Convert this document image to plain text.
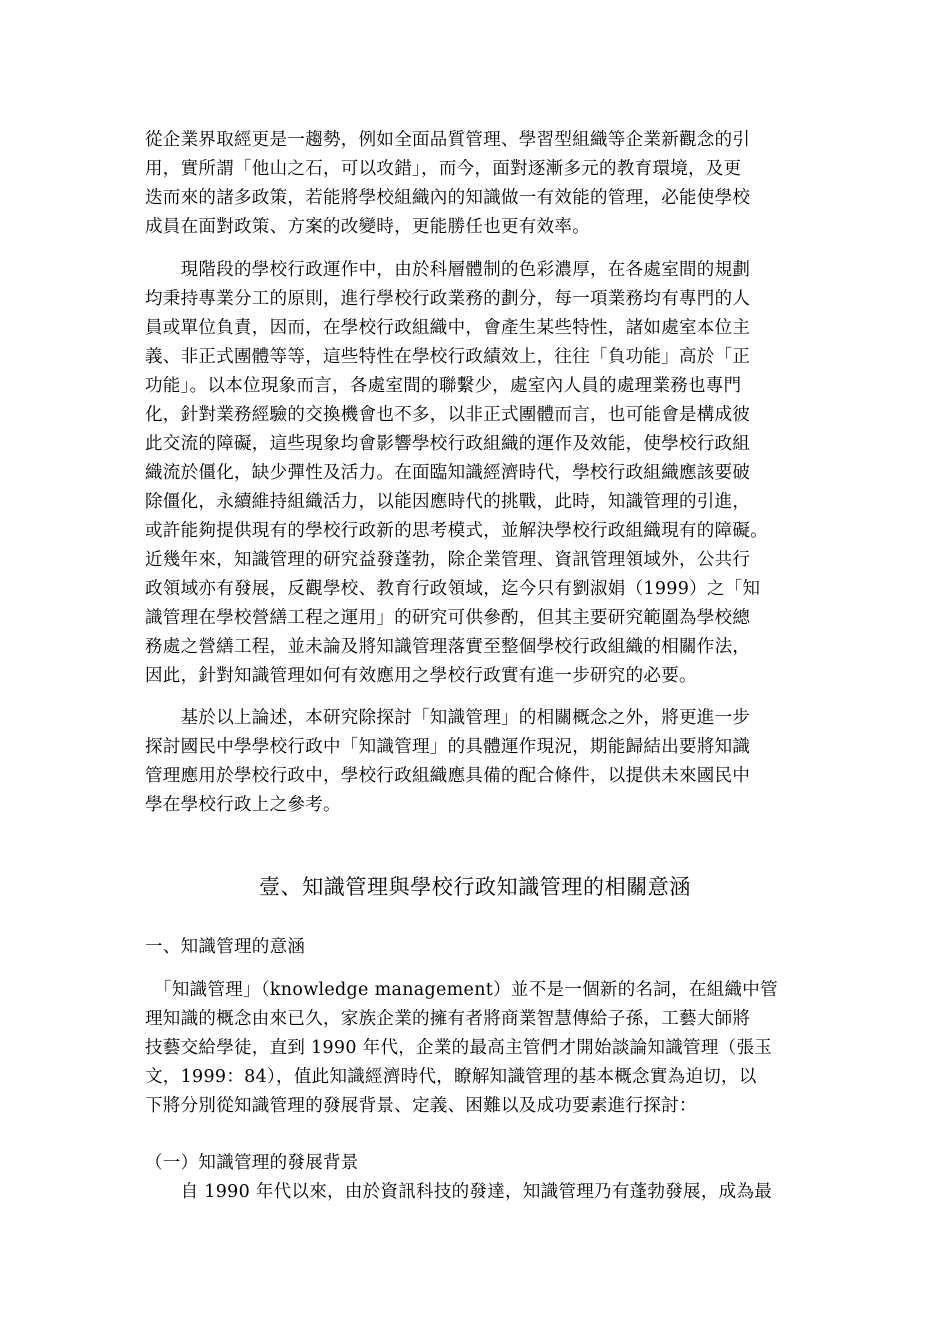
從企業界取經更是一趨勢，例如全面品質管理、學習型組織等企業新觀念的引
用，實所謂「他山之石，可以攻錯」，而今，面對逐漸多元的教育環境，及更
迭而來的諸多政策，若能將學校組織內的知識做一有效能的管理，必能使學校
成員在面對政策、方案的改變時，更能勝任也更有效率。
　　現階段的學校行政運作中，由於科層體制的色彩濃厚，在各處室間的規劃
均秉持專業分工的原則，進行學校行政業務的劃分，每一項業務均有專門的人
員或單位負責，因而，在學校行政組織中，會產生某些特性，諸如處室本位主
義、非正式團體等等，這些特性在學校行政績效上，往往「負功能」高於「正
功能」。以本位現象而言，各處室間的聯繫少，處室內人員的處理業務也專門
化，針對業務經驗的交換機會也不多，以非正式團體而言，也可能會是構成彼
此交流的障礙，這些現象均會影響學校行政組織的運作及效能，使學校行政組
織流於僵化，缺少彈性及活力。在面臨知識經濟時代，學校行政組織應該要破
除僵化，永續維持組織活力，以能因應時代的挑戰，此時，知識管理的引進，
或許能夠提供現有的學校行政新的思考模式，並解決學校行政組織現有的障礙。
近幾年來，知識管理的研究益發蓬勃，除企業管理、資訊管理領域外，公共行
政領域亦有發展，反觀學校、教育行政領域，迄今只有劉淑娟（1999）之「知
識管理在學校營繕工程之運用」的研究可供參酌，但其主要研究範圍為學校總
務處之營繕工程，並未論及將知識管理落實至整個學校行政組織的相關作法，
因此，針對知識管理如何有效應用之學校行政實有進一步研究的必要。
　　基於以上論述，本研究除探討「知識管理」的相關概念之外，將更進一步
探討國民中學學校行政中「知識管理」的具體運作現況，期能歸結出要將知識
管理應用於學校行政中，學校行政組織應具備的配合條件，以提供未來國民中
學在學校行政上之參考。
壹、知識管理與學校行政知識管理的相關意涵
一、知識管理的意涵
　「知識管理」（knowledge management）並不是一個新的名詞，在組織中管
理知識的概念由來已久，家族企業的擁有者將商業智慧傳給子孫，工藝大師將
技藝交給學徒，直到 1990 年代，企業的最高主管們才開始談論知識管理（張玉
文，1999：84），值此知識經濟時代，瞭解知識管理的基本概念實為迫切，以
下將分別從知識管理的發展背景、定義、困難以及成功要素進行探討：
（一）知識管理的發展背景
　　自 1990 年代以來，由於資訊科技的發達，知識管理乃有蓬勃發展，成為最
